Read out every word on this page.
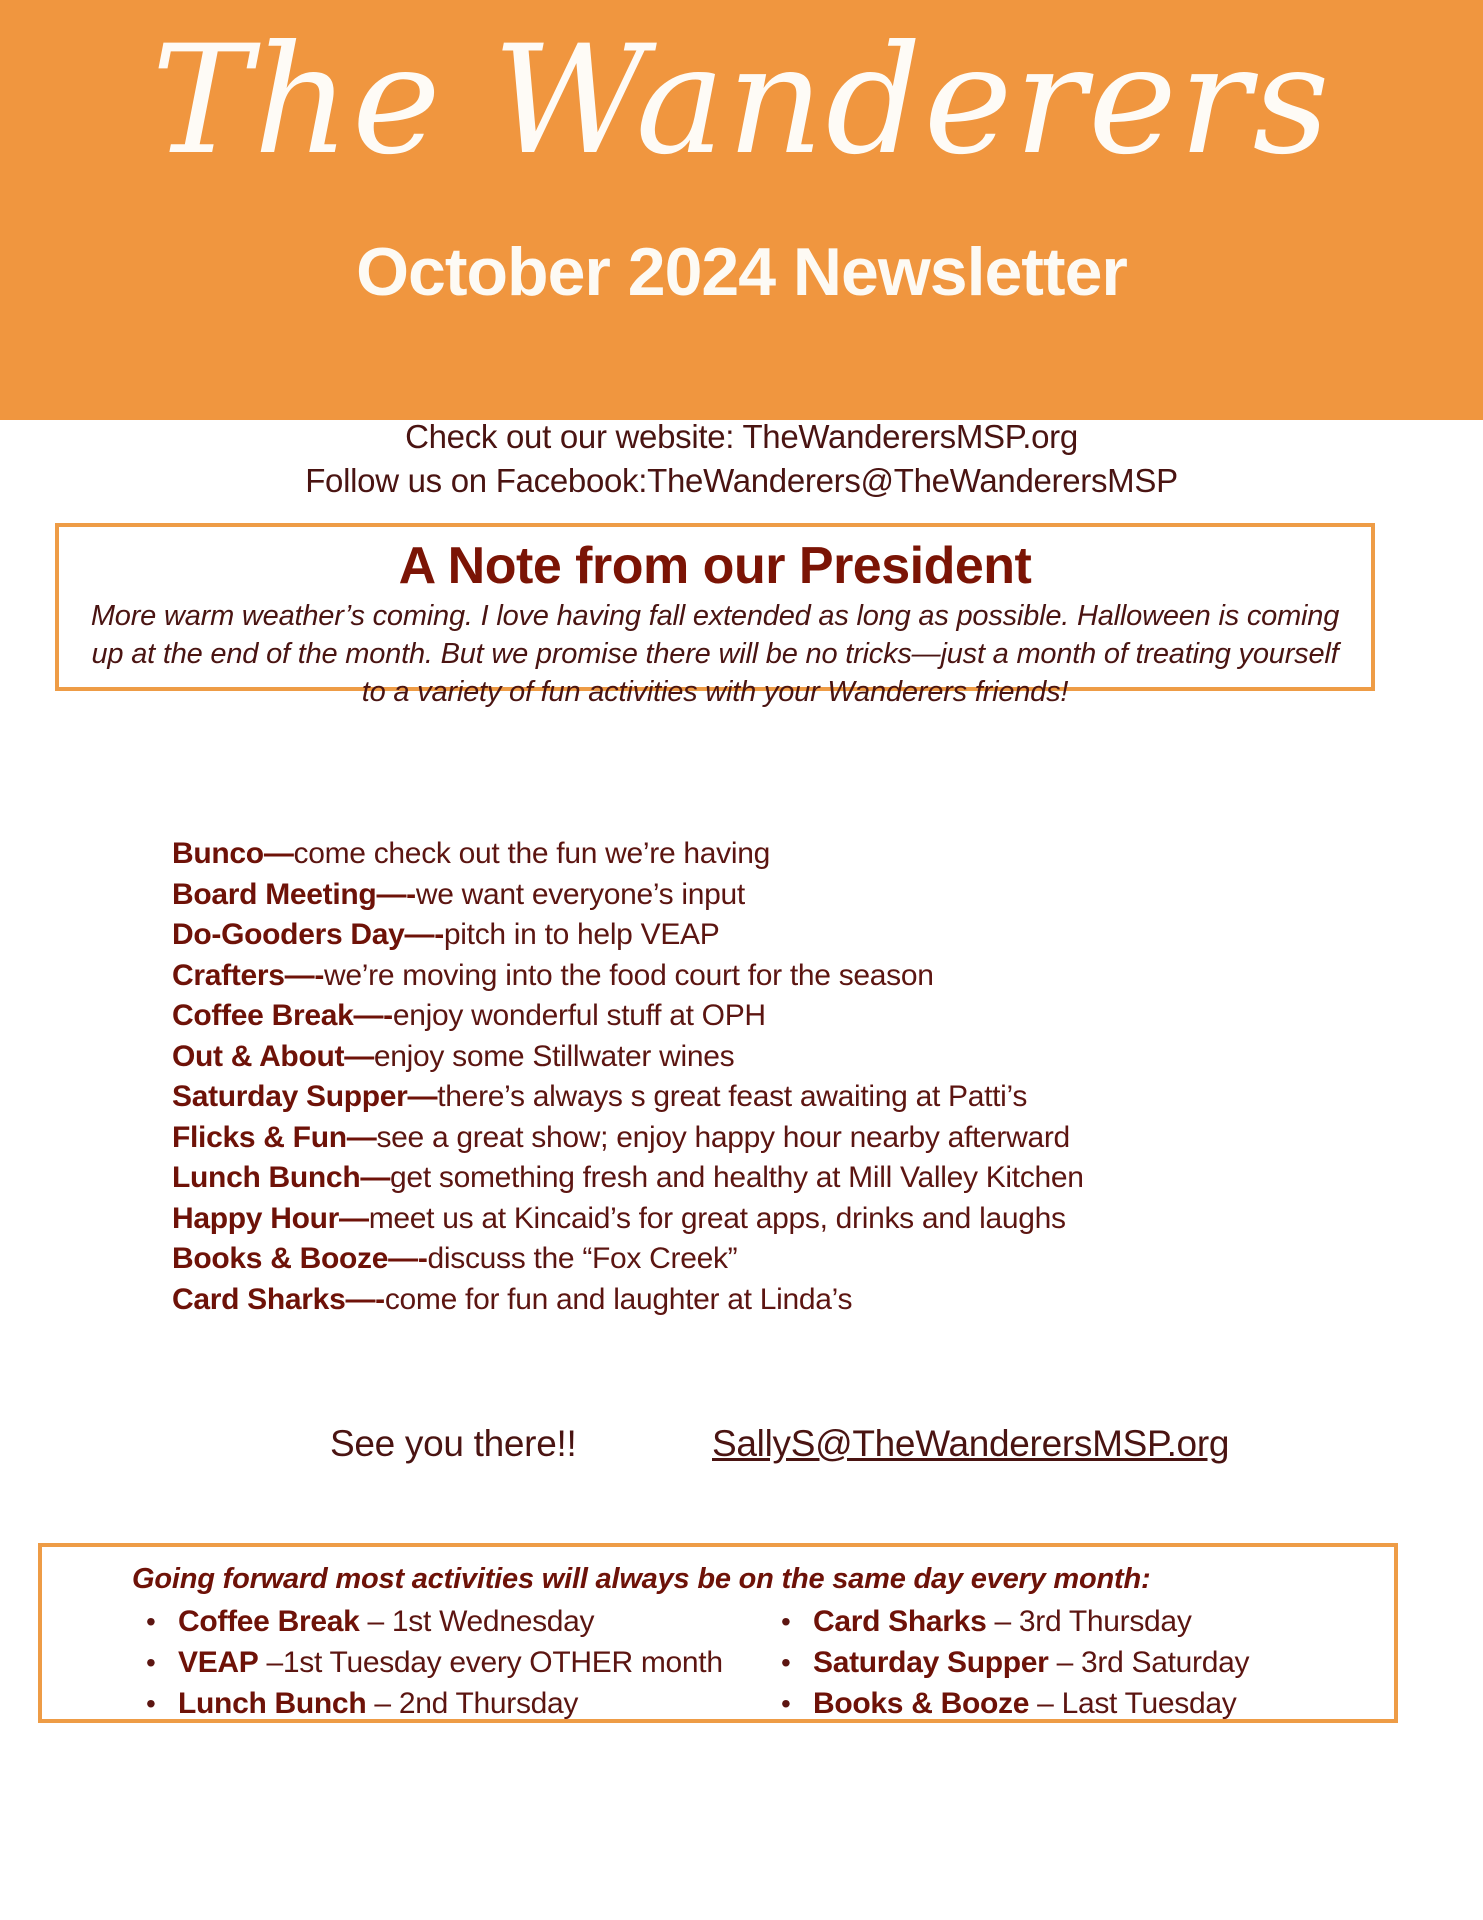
The Wanderers
October 2024 Newsletter
Check out our website: TheWanderersMSP.org
Follow us on Facebook:TheWanderers@TheWanderersMSP
A Note from our President
More warm weather’s coming. I love having fall extended as long as possible. Halloween is coming up at the end of the month. But we promise there will be no tricks—just a month of treating yourself to a variety of fun activities with your Wanderers friends!
Bunco—come check out the fun we’re having
Board Meeting—-we want everyone’s input
Do-Gooders Day—-pitch in to help VEAP
Crafters—-we’re moving into the food court for the season
Coffee Break—-enjoy wonderful stuff at OPH
Out & About—enjoy some Stillwater wines
Saturday Supper—there’s always s great feast awaiting at Patti’s
Flicks & Fun—see a great show; enjoy happy hour nearby afterward
Lunch Bunch—get something fresh and healthy at Mill Valley Kitchen
Happy Hour—meet us at Kincaid’s for great apps, drinks and laughs
Books & Booze—-discuss the “Fox Creek”
Card Sharks—-come for fun and laughter at Linda’s
See you there!!	SallyS@TheWanderersMSP.org
Going forward most activities will always be on the same day every month:
• Coffee Break – 1st Wednesday
• VEAP –1st Tuesday every OTHER month
• Lunch Bunch – 2nd Thursday
• Card Sharks – 3rd Thursday
• Saturday Supper – 3rd Saturday
• Books & Booze – Last Tuesday
